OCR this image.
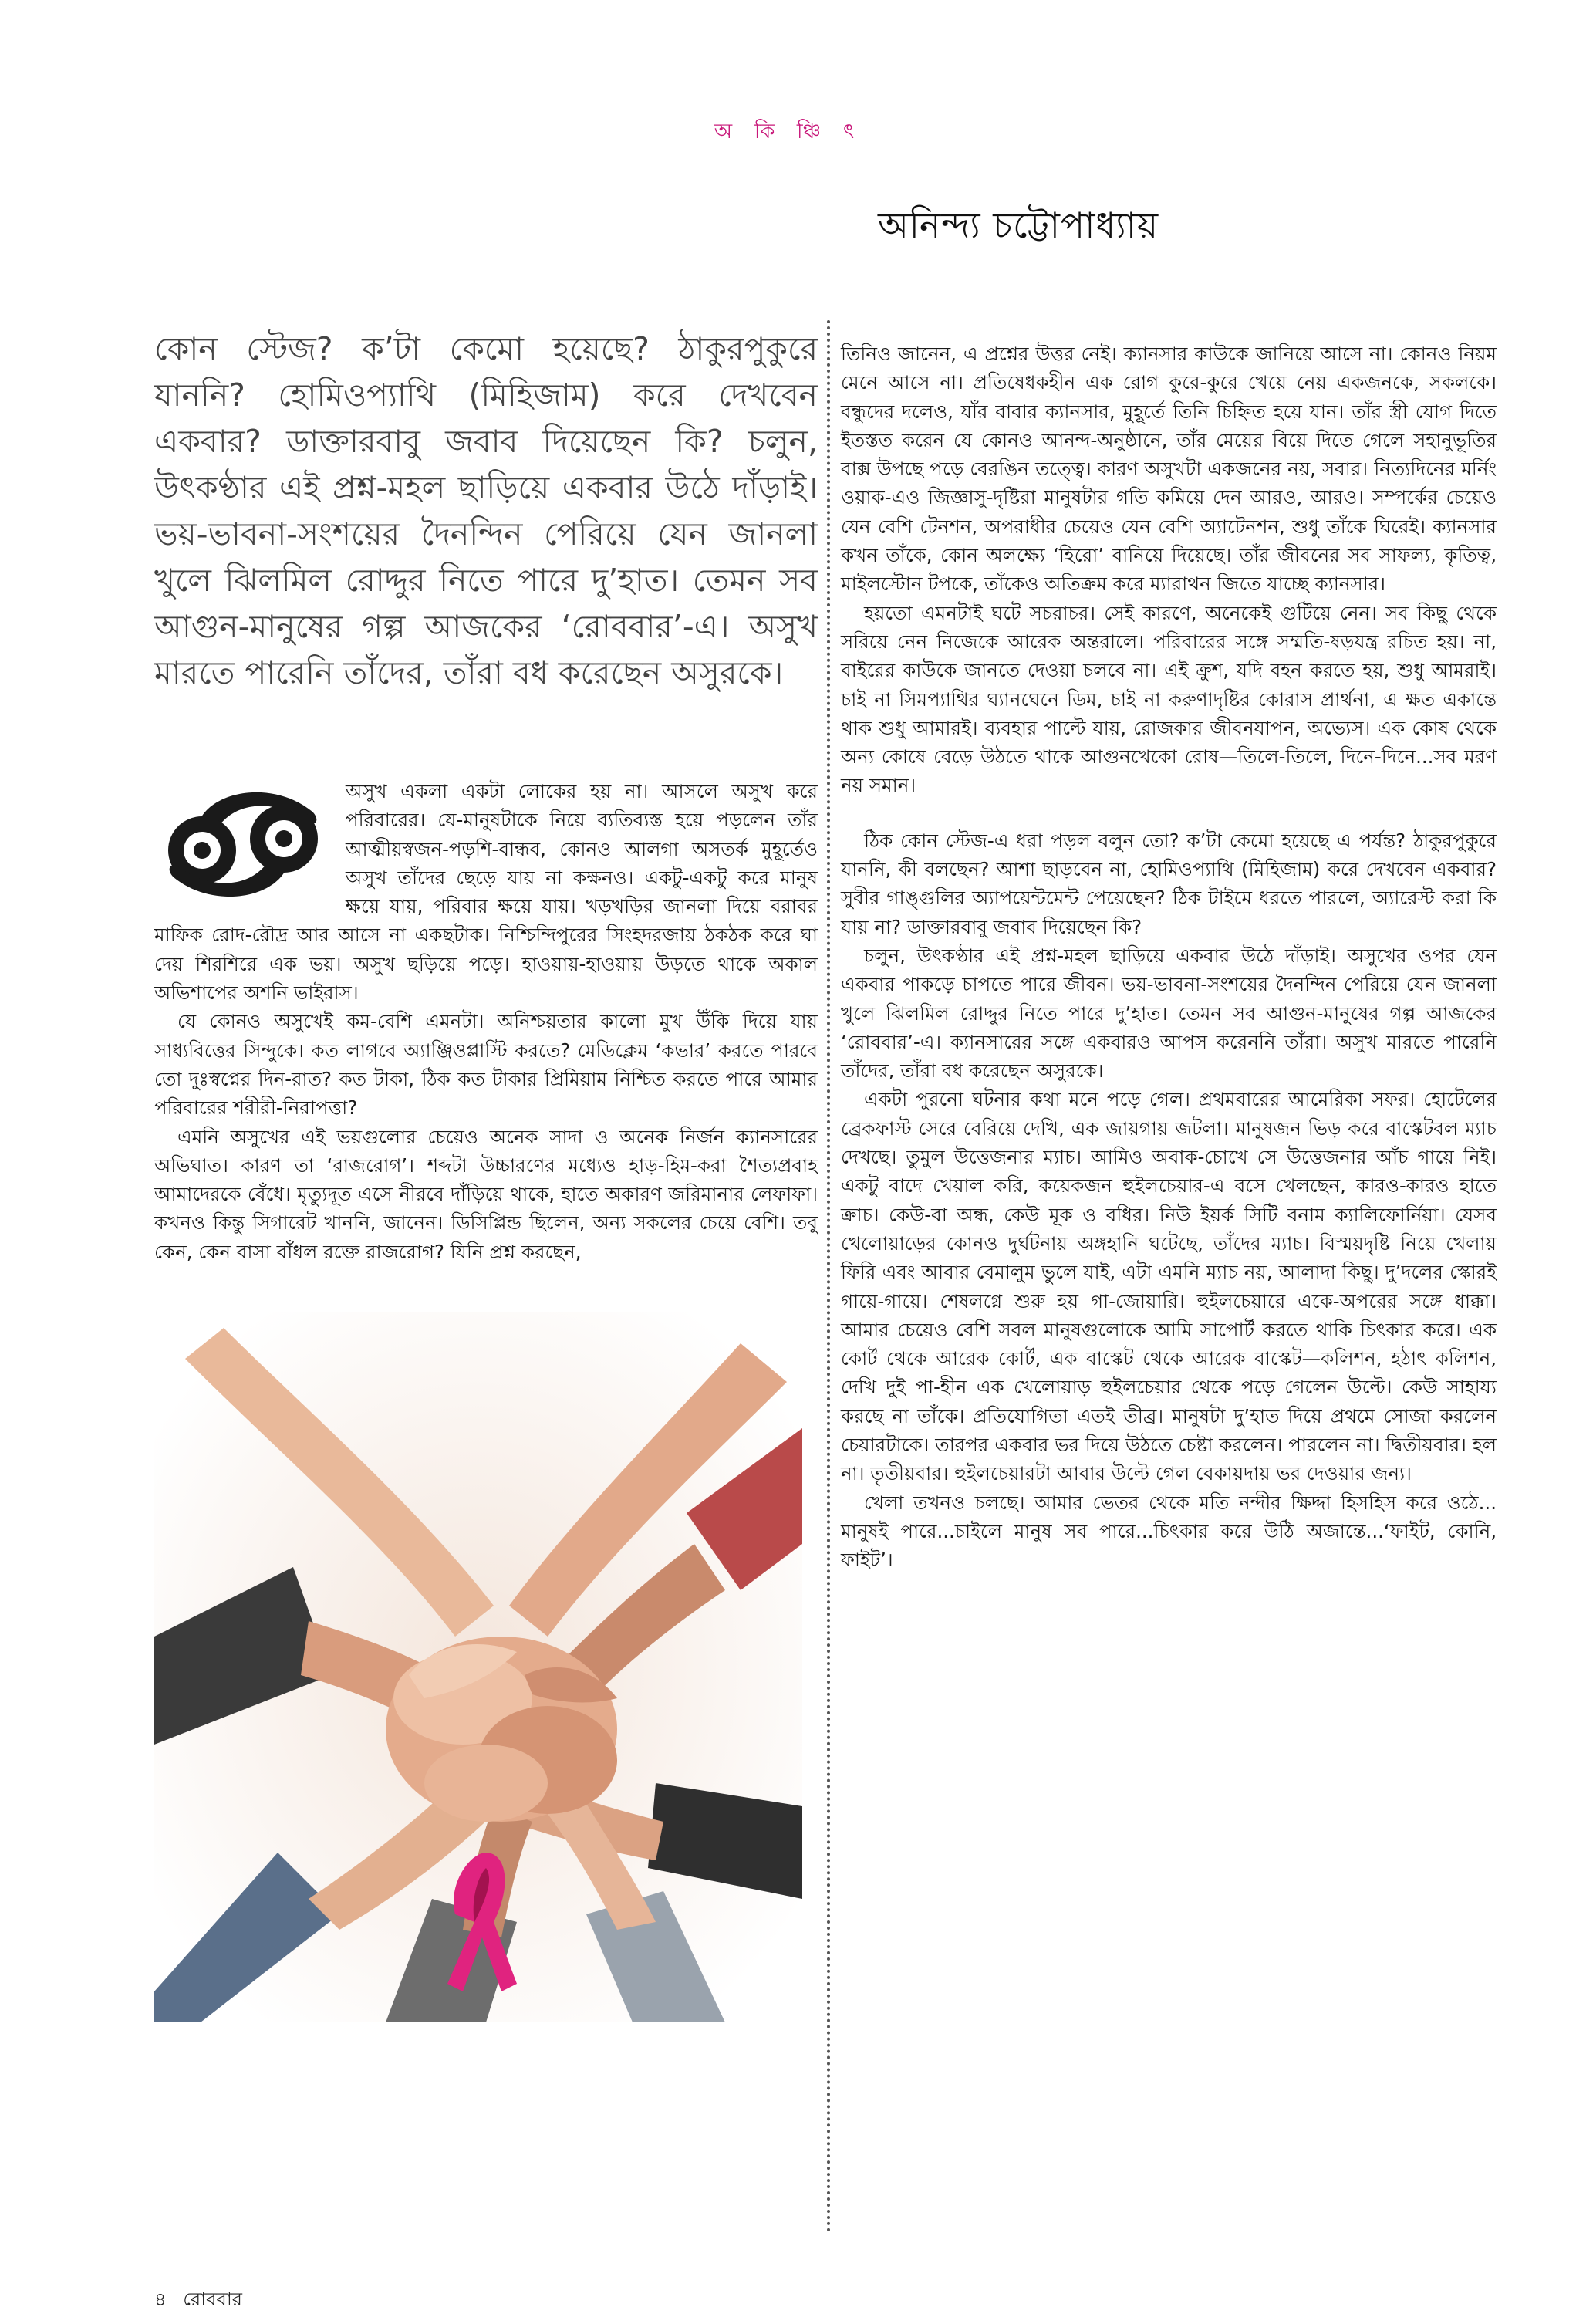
অ কি ঞ্চি ৎ
অনিন্দ্য চট্টোপাধ্যায়

কোন স্টেজ? ক’টা কেমো হয়েছে? ঠাকুরপুকুরে যাননি? হোমিওপ্যাথি (মিহিজাম) করে দেখবেন একবার? ডাক্তারবাবু জবাব দিয়েছেন কি? চলুন, উৎকণ্ঠার এই প্রশ্ন-মহল ছাড়িয়ে একবার উঠে দাঁড়াই। ভয়-ভাবনা-সংশয়ের দৈনন্দিন পেরিয়ে যেন জানলা খুলে ঝিলমিল রোদ্দুর নিতে পারে দু’হাত। তেমন সব আগুন-মানুষের গল্প আজকের ‘রোববার’-এ। অসুখ মারতে পারেনি তাঁদের, তাঁরা বধ করেছেন অসুরকে।

অসুখ একলা একটা লোকের হয় না। আসলে অসুখ করে পরিবারের। যে-মানুষটাকে নিয়ে ব্যতিব্যস্ত হয়ে পড়লেন তাঁর আত্মীয়স্বজন-পড়শি-বান্ধব, কোনও আলগা অসতর্ক মুহূর্তেও অসুখ তাঁদের ছেড়ে যায় না কক্ষনও। একটু-একটু করে মানুষ ক্ষয়ে যায়, পরিবার ক্ষয়ে যায়। খড়খড়ির জানলা দিয়ে বরাবর মাফিক রোদ-রৌদ্র আর আসে না একছটাক। নিশ্চিন্দিপুরের সিংহদরজায় ঠকঠক করে ঘা দেয় শিরশিরে এক ভয়। অসুখ ছড়িয়ে পড়ে। হাওয়ায়-হাওয়ায় উড়তে থাকে অকাল অভিশাপের অশনি ভাইরাস।

যে কোনও অসুখেই কম-বেশি এমনটা। অনিশ্চয়তার কালো মুখ উঁকি দিয়ে যায় সাধ্যবিত্তের সিন্দুকে। কত লাগবে অ্যাঞ্জিওপ্লাস্টি করতে? মেডিক্লেম ‘কভার’ করতে পারবে তো দুঃস্বপ্নের দিন-রাত? কত টাকা, ঠিক কত টাকার প্রিমিয়াম নিশ্চিত করতে পারে আমার পরিবারের শরীরী-নিরাপত্তা?

এমনি অসুখের এই ভয়গুলোর চেয়েও অনেক সাদা ও অনেক নির্জন ক্যানসারের অভিঘাত। কারণ তা ‘রাজরোগ’। শব্দটা উচ্চারণের মধ্যেও হাড়-হিম-করা শৈত্যপ্রবাহ আমাদেরকে বেঁধে। মৃত্যুদূত এসে নীরবে দাঁড়িয়ে থাকে, হাতে অকারণ জরিমানার লেফাফা। কখনও কিন্তু সিগারেট খাননি, জানেন। ডিসিপ্লিন্ড ছিলেন, অন্য সকলের চেয়ে বেশি। তবু কেন, কেন বাসা বাঁধল রক্তে রাজরোগ? যিনি প্রশ্ন করছেন,

তিনিও জানেন, এ প্রশ্নের উত্তর নেই। ক্যানসার কাউকে জানিয়ে আসে না। কোনও নিয়ম মেনে আসে না। প্রতিষেধকহীন এক রোগ কুরে-কুরে খেয়ে নেয় একজনকে, সকলকে। বন্ধুদের দলেও, যাঁর বাবার ক্যানসার, মুহূর্তে তিনি চিহ্নিত হয়ে যান। তাঁর স্ত্রী যোগ দিতে ইতস্তত করেন যে কোনও আনন্দ-অনুষ্ঠানে, তাঁর মেয়ের বিয়ে দিতে গেলে সহানুভূতির বাক্স উপছে পড়ে বেরঙিন তত্ত্বে। কারণ অসুখটা একজনের নয়, সবার। নিত্যদিনের মর্নিং ওয়াক-এও জিজ্ঞাসু-দৃষ্টিরা মানুষটার গতি কমিয়ে দেন আরও, আরও। সম্পর্কের চেয়েও যেন বেশি টেনশন, অপরাধীর চেয়েও যেন বেশি অ্যাটেনশন, শুধু তাঁকে ঘিরেই। ক্যানসার কখন তাঁকে, কোন অলক্ষ্যে ‘হিরো’ বানিয়ে দিয়েছে। তাঁর জীবনের সব সাফল্য, কৃতিত্ব, মাইলস্টোন টপকে, তাঁকেও অতিক্রম করে ম্যারাথন জিতে যাচ্ছে ক্যানসার।

হয়তো এমনটাই ঘটে সচরাচর। সেই কারণে, অনেকেই গুটিয়ে নেন। সব কিছু থেকে সরিয়ে নেন নিজেকে আরেক অন্তরালে। পরিবারের সঙ্গে সম্মতি-ষড়যন্ত্র রচিত হয়। না, বাইরের কাউকে জানতে দেওয়া চলবে না। এই ক্রুশ, যদি বহন করতে হয়, শুধু আমরাই। চাই না সিমপ্যাথির ঘ্যানঘেনে ডিম, চাই না করুণাদৃষ্টির কোরাস প্রার্থনা, এ ক্ষত একান্তে থাক শুধু আমারই। ব্যবহার পাল্টে যায়, রোজকার জীবনযাপন, অভ্যেস। এক কোষ থেকে অন্য কোষে বেড়ে উঠতে থাকে আগুনখেকো রোষ—তিলে-তিলে, দিনে-দিনে...সব মরণ নয় সমান।

ঠিক কোন স্টেজ-এ ধরা পড়ল বলুন তো? ক’টা কেমো হয়েছে এ পর্যন্ত? ঠাকুরপুকুরে যাননি, কী বলছেন? আশা ছাড়বেন না, হোমিওপ্যাথি (মিহিজাম) করে দেখবেন একবার? সুবীর গাঙ্গুলির অ্যাপয়েন্টমেন্ট পেয়েছেন? ঠিক টাইমে ধরতে পারলে, অ্যারেস্ট করা কি যায় না? ডাক্তারবাবু জবাব দিয়েছেন কি?

চলুন, উৎকণ্ঠার এই প্রশ্ন-মহল ছাড়িয়ে একবার উঠে দাঁড়াই। অসুখের ওপর যেন একবার পাকড়ে চাপতে পারে জীবন। ভয়-ভাবনা-সংশয়ের দৈনন্দিন পেরিয়ে যেন জানলা খুলে ঝিলমিল রোদ্দুর নিতে পারে দু’হাত। তেমন সব আগুন-মানুষের গল্প আজকের ‘রোববার’-এ। ক্যানসারের সঙ্গে একবারও আপস করেননি তাঁরা। অসুখ মারতে পারেনি তাঁদের, তাঁরা বধ করেছেন অসুরকে।

একটা পুরনো ঘটনার কথা মনে পড়ে গেল। প্রথমবারের আমেরিকা সফর। হোটেলের ব্রেকফাস্ট সেরে বেরিয়ে দেখি, এক জায়গায় জটলা। মানুষজন ভিড় করে বাস্কেটবল ম্যাচ দেখছে। তুমুল উত্তেজনার ম্যাচ। আমিও অবাক-চোখে সে উত্তেজনার আঁচ গায়ে নিই। একটু বাদে খেয়াল করি, কয়েকজন হুইলচেয়ার-এ বসে খেলছেন, কারও-কারও হাতে ক্রাচ। কেউ-বা অন্ধ, কেউ মূক ও বধির। নিউ ইয়র্ক সিটি বনাম ক্যালিফোর্নিয়া। যেসব খেলোয়াড়ের কোনও দুর্ঘটনায় অঙ্গহানি ঘটেছে, তাঁদের ম্যাচ। বিস্ময়দৃষ্টি নিয়ে খেলায় ফিরি এবং আবার বেমালুম ভুলে যাই, এটা এমনি ম্যাচ নয়, আলাদা কিছু। দু’দলের স্কোরই গায়ে-গায়ে। শেষলগ্নে শুরু হয় গা-জোয়ারি। হুইলচেয়ারে একে-অপরের সঙ্গে ধাক্কা। আমার চেয়েও বেশি সবল মানুষগুলোকে আমি সাপোর্ট করতে থাকি চিৎকার করে। এক কোর্ট থেকে আরেক কোর্ট, এক বাস্কেট থেকে আরেক বাস্কেট—কলিশন, হঠাৎ কলিশন, দেখি দুই পা-হীন এক খেলোয়াড় হুইলচেয়ার থেকে পড়ে গেলেন উল্টে। কেউ সাহায্য করছে না তাঁকে। প্রতিযোগিতা এতই তীব্র। মানুষটা দু’হাত দিয়ে প্রথমে সোজা করলেন চেয়ারটাকে। তারপর একবার ভর দিয়ে উঠতে চেষ্টা করলেন। পারলেন না। দ্বিতীয়বার। হল না। তৃতীয়বার। হুইলচেয়ারটা আবার উল্টে গেল বেকায়দায় ভর দেওয়ার জন্য।

খেলা তখনও চলছে। আমার ভেতর থেকে মতি নন্দীর ক্ষিদ্দা হিসহিস করে ওঠে... মানুষই পারে...চাইলে মানুষ সব পারে...চিৎকার করে উঠি অজান্তে...‘ফাইট, কোনি, ফাইট’।

৪ রোববার
